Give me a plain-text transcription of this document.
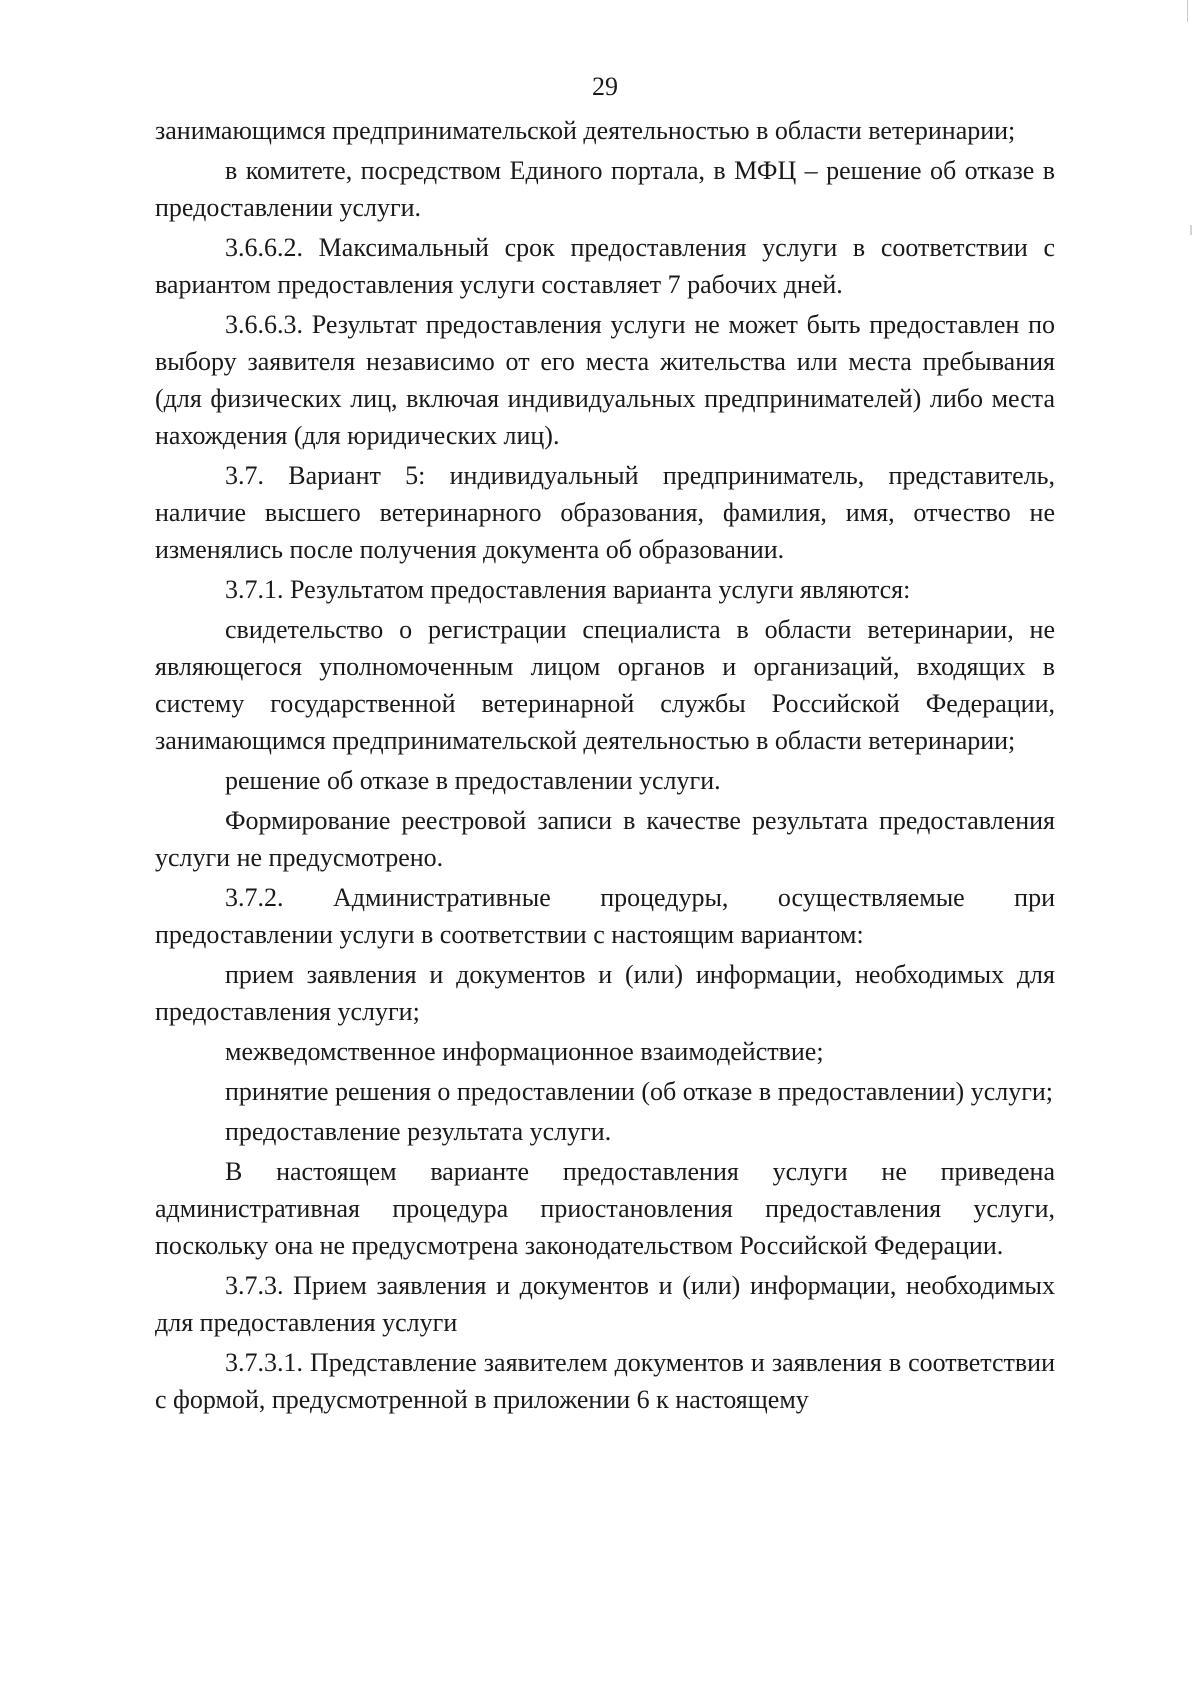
29

занимающимся предпринимательской деятельностью в области ветеринарии;

в комитете, посредством Единого портала, в МФЦ – решение об отказе в предоставлении услуги.

3.6.6.2. Максимальный срок предоставления услуги в соответствии с вариантом предоставления услуги составляет 7 рабочих дней.

3.6.6.3. Результат предоставления услуги не может быть предоставлен по выбору заявителя независимо от его места жительства или места пребывания (для физических лиц, включая индивидуальных предпринимателей) либо места нахождения (для юридических лиц).

3.7. Вариант 5: индивидуальный предприниматель, представитель, наличие высшего ветеринарного образования, фамилия, имя, отчество не изменялись после получения документа об образовании.

3.7.1. Результатом предоставления варианта услуги являются:

свидетельство о регистрации специалиста в области ветеринарии, не являющегося уполномоченным лицом органов и организаций, входящих в систему государственной ветеринарной службы Российской Федерации, занимающимся предпринимательской деятельностью в области ветеринарии;

решение об отказе в предоставлении услуги.

Формирование реестровой записи в качестве результата предоставления услуги не предусмотрено.

3.7.2. Административные процедуры, осуществляемые при предоставлении услуги в соответствии с настоящим вариантом:

прием заявления и документов и (или) информации, необходимых для предоставления услуги;

межведомственное информационное взаимодействие;

принятие решения о предоставлении (об отказе в предоставлении) услуги;

предоставление результата услуги.

В настоящем варианте предоставления услуги не приведена административная процедура приостановления предоставления услуги, поскольку она не предусмотрена законодательством Российской Федерации.

3.7.3. Прием заявления и документов и (или) информации, необходимых для предоставления услуги

3.7.3.1. Представление заявителем документов и заявления в соответствии с формой, предусмотренной в приложении 6 к настоящему
